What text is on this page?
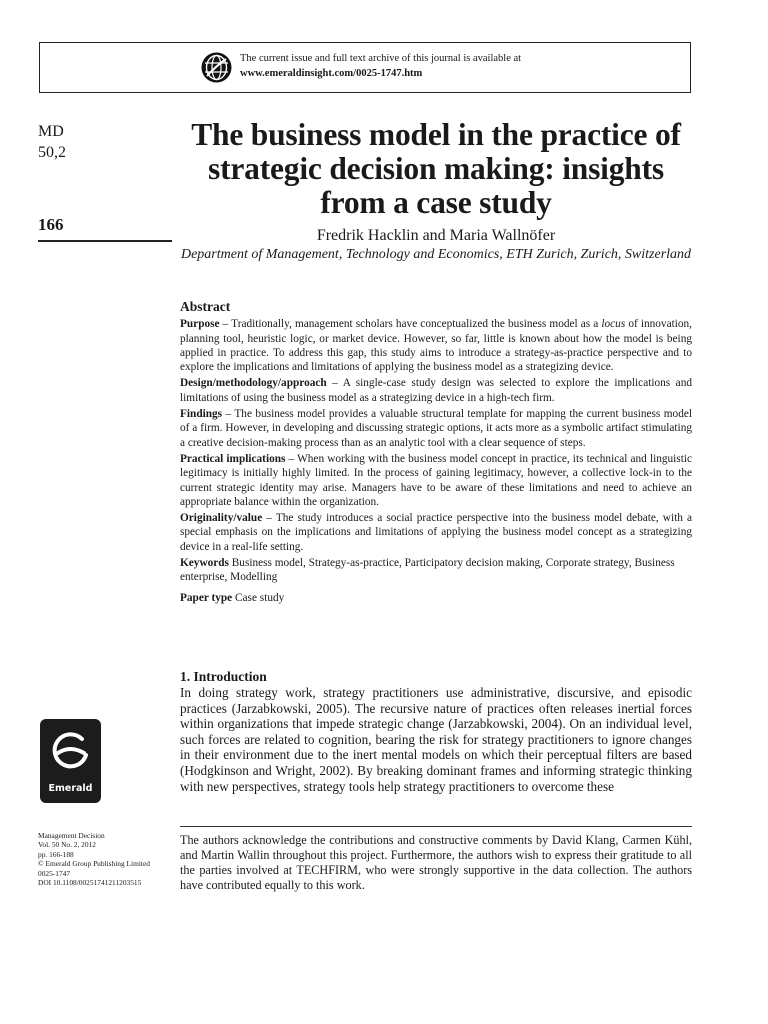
The current issue and full text archive of this journal is available at
www.emeraldinsight.com/0025-1747.htm
MD
50,2
166
The business model in the practice of strategic decision making: insights from a case study
Fredrik Hacklin and Maria Wallnöfer
Department of Management, Technology and Economics, ETH Zurich, Zurich, Switzerland
Abstract

Purpose – Traditionally, management scholars have conceptualized the business model as a locus of innovation, planning tool, heuristic logic, or market device. However, so far, little is known about how the model is being applied in practice. To address this gap, this study aims to introduce a strategy-as-practice perspective and to explore the implications and limitations of applying the business model as a strategizing device.

Design/methodology/approach – A single-case study design was selected to explore the implications and limitations of using the business model as a strategizing device in a high-tech firm.

Findings – The business model provides a valuable structural template for mapping the current business model of a firm. However, in developing and discussing strategic options, it acts more as a symbolic artifact stimulating a creative decision-making process than as an analytic tool with a clear sequence of steps.

Practical implications – When working with the business model concept in practice, its technical and linguistic legitimacy is initially highly limited. In the process of gaining legitimacy, however, a collective lock-in to the current strategic identity may arise. Managers have to be aware of these limitations and need to achieve an appropriate balance within the organization.

Originality/value – The study introduces a social practice perspective into the business model debate, with a special emphasis on the implications and limitations of applying the business model concept as a strategizing device in a real-life setting.

Keywords Business model, Strategy-as-practice, Participatory decision making, Corporate strategy, Business enterprise, Modelling

Paper type Case study

1. Introduction

In doing strategy work, strategy practitioners use administrative, discursive, and episodic practices (Jarzabkowski, 2005). The recursive nature of practices often releases inertial forces within organizations that impede strategic change (Jarzabkowski, 2004). On an individual level, such forces are related to cognition, bearing the risk for strategy practitioners to ignore changes in their environment due to the inert mental models on which their perceptual filters are based (Hodgkinson and Wright, 2002). By breaking dominant frames and informing strategic thinking with new perspectives, strategy tools help strategy practitioners to overcome these

The authors acknowledge the contributions and constructive comments by David Klang, Carmen Kühl, and Martin Wallin throughout this project. Furthermore, the authors wish to express their gratitude to all the parties involved at TECHFIRM, who were strongly supportive in the data collection. The authors have contributed equally to this work.

Emerald
Management Decision
Vol. 50 No. 2, 2012
pp. 166-188
© Emerald Group Publishing Limited
0025-1747
DOI 10.1108/00251741211203515
